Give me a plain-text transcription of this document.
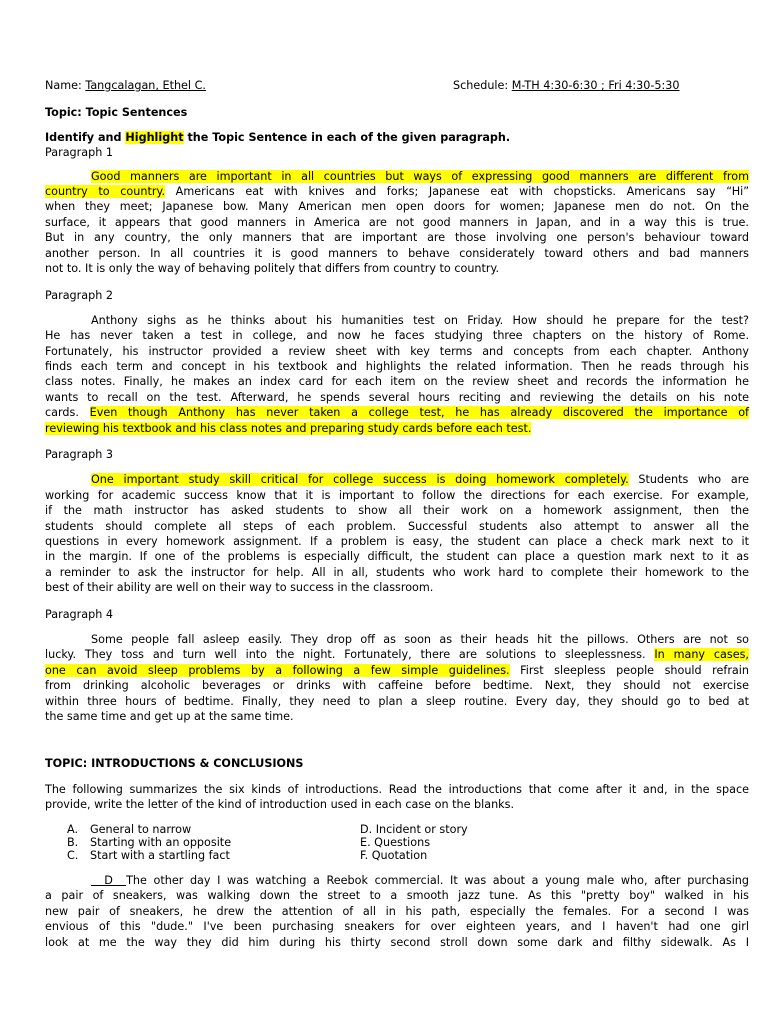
Name: Tangcalagan, Ethel C.	Schedule: M-TH 4:30-6:30 ; Fri 4:30-5:30
Topic: Topic Sentences
Identify and Highlight the Topic Sentence in each of the given paragraph.
Paragraph 1
Good manners are important in all countries but ways of expressing good manners are different from
country to country. Americans eat with knives and forks; Japanese eat with chopsticks. Americans say “Hi”
when they meet; Japanese bow. Many American men open doors for women; Japanese men do not. On the
surface, it appears that good manners in America are not good manners in Japan, and in a way this is true.
But in any country, the only manners that are important are those involving one person's behaviour toward
another person. In all countries it is good manners to behave considerately toward others and bad manners
not to. It is only the way of behaving politely that differs from country to country.
Paragraph 2
Anthony sighs as he thinks about his humanities test on Friday. How should he prepare for the test?
He has never taken a test in college, and now he faces studying three chapters on the history of Rome.
Fortunately, his instructor provided a review sheet with key terms and concepts from each chapter. Anthony
finds each term and concept in his textbook and highlights the related information. Then he reads through his
class notes. Finally, he makes an index card for each item on the review sheet and records the information he
wants to recall on the test. Afterward, he spends several hours reciting and reviewing the details on his note
cards. Even though Anthony has never taken a college test, he has already discovered the importance of
reviewing his textbook and his class notes and preparing study cards before each test.
Paragraph 3
One important study skill critical for college success is doing homework completely. Students who are
working for academic success know that it is important to follow the directions for each exercise. For example,
if the math instructor has asked students to show all their work on a homework assignment, then the
students should complete all steps of each problem. Successful students also attempt to answer all the
questions in every homework assignment. If a problem is easy, the student can place a check mark next to it
in the margin. If one of the problems is especially difficult, the student can place a question mark next to it as
a reminder to ask the instructor for help. All in all, students who work hard to complete their homework to the
best of their ability are well on their way to success in the classroom.
Paragraph 4
Some people fall asleep easily. They drop off as soon as their heads hit the pillows. Others are not so
lucky. They toss and turn well into the night. Fortunately, there are solutions to sleeplessness. In many cases,
one can avoid sleep problems by a following a few simple guidelines. First sleepless people should refrain
from drinking alcoholic beverages or drinks with caffeine before bedtime. Next, they should not exercise
within three hours of bedtime. Finally, they need to plan a sleep routine. Every day, they should go to bed at
the same time and get up at the same time.
TOPIC: INTRODUCTIONS & CONCLUSIONS
The following summarizes the six kinds of introductions. Read the introductions that come after it and, in the space
provide, write the letter of the kind of introduction used in each case on the blanks.
A. General to narrow
B. Starting with an opposite
C. Start with a startling fact
D. Incident or story
E. Questions
F. Quotation
D  The other day I was watching a Reebok commercial. It was about a young male who, after purchasing
a pair of sneakers, was walking down the street to a smooth jazz tune. As this "pretty boy" walked in his
new pair of sneakers, he drew the attention of all in his path, especially the females. For a second I was
envious of this "dude." I've been purchasing sneakers for over eighteen years, and I haven't had one girl
look at me the way they did him during his thirty second stroll down some dark and filthy sidewalk. As I
